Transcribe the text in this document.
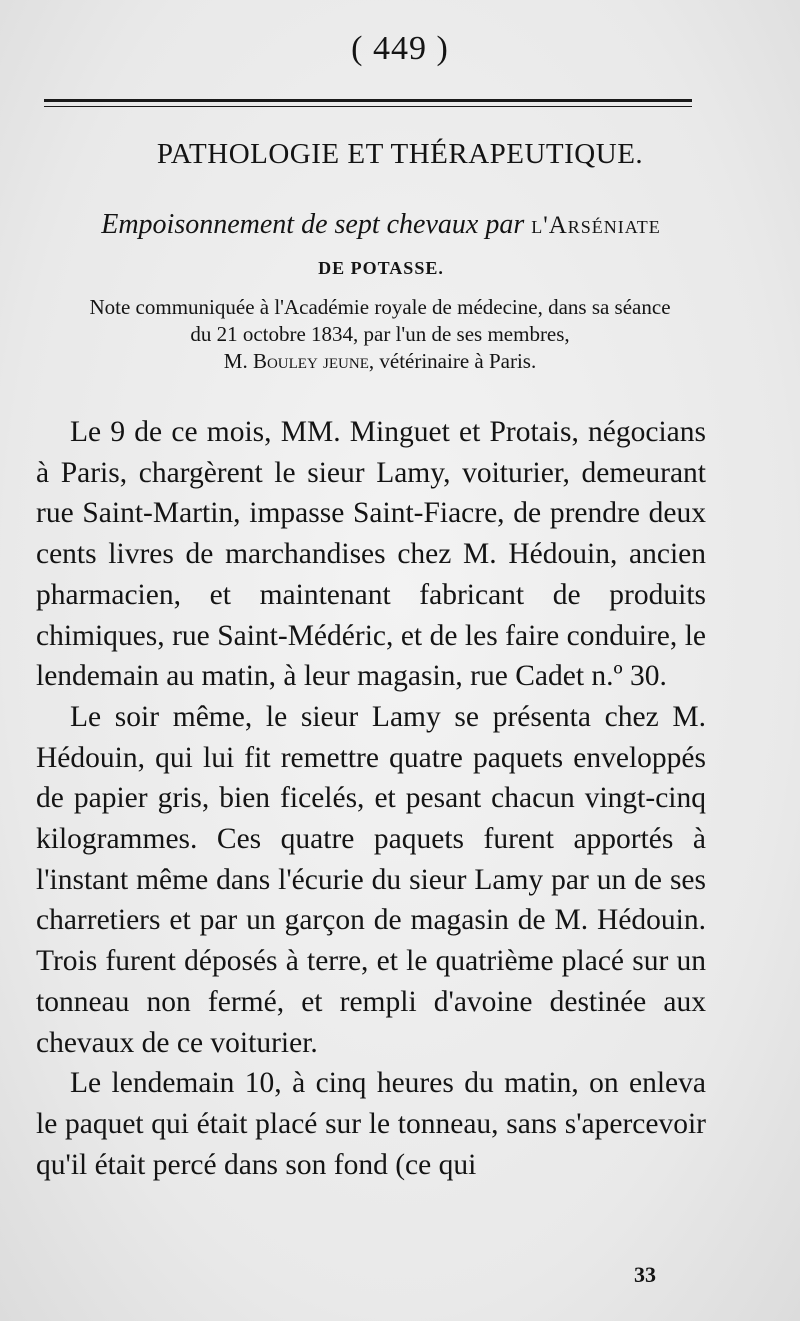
( 449 )
PATHOLOGIE ET THÉRAPEUTIQUE.
Empoisonnement de sept chevaux par l'Arséniate
DE POTASSE.
Note communiquée à l'Académie royale de médecine, dans sa séance
du 21 octobre 1834, par l'un de ses membres,
M. Bouley jeune, vétérinaire à Paris.

Le 9 de ce mois, MM. Minguet et Protais, négocians à Paris, chargèrent le sieur Lamy, voiturier, demeurant rue Saint-Martin, impasse Saint-Fiacre, de prendre deux cents livres de marchandises chez M. Hédouin, ancien pharmacien, et maintenant fabricant de produits chimiques, rue Saint-Médéric, et de les faire conduire, le lendemain au matin, à leur magasin, rue Cadet n.º 30.

Le soir même, le sieur Lamy se présenta chez M. Hédouin, qui lui fit remettre quatre paquets enveloppés de papier gris, bien ficelés, et pesant chacun vingt-cinq kilogrammes. Ces quatre paquets furent apportés à l'instant même dans l'écurie du sieur Lamy par un de ses charretiers et par un garçon de magasin de M. Hédouin. Trois furent déposés à terre, et le quatrième placé sur un tonneau non fermé, et rempli d'avoine destinée aux chevaux de ce voiturier.

Le lendemain 10, à cinq heures du matin, on enleva le paquet qui était placé sur le tonneau, sans s'apercevoir qu'il était percé dans son fond (ce qui

33
